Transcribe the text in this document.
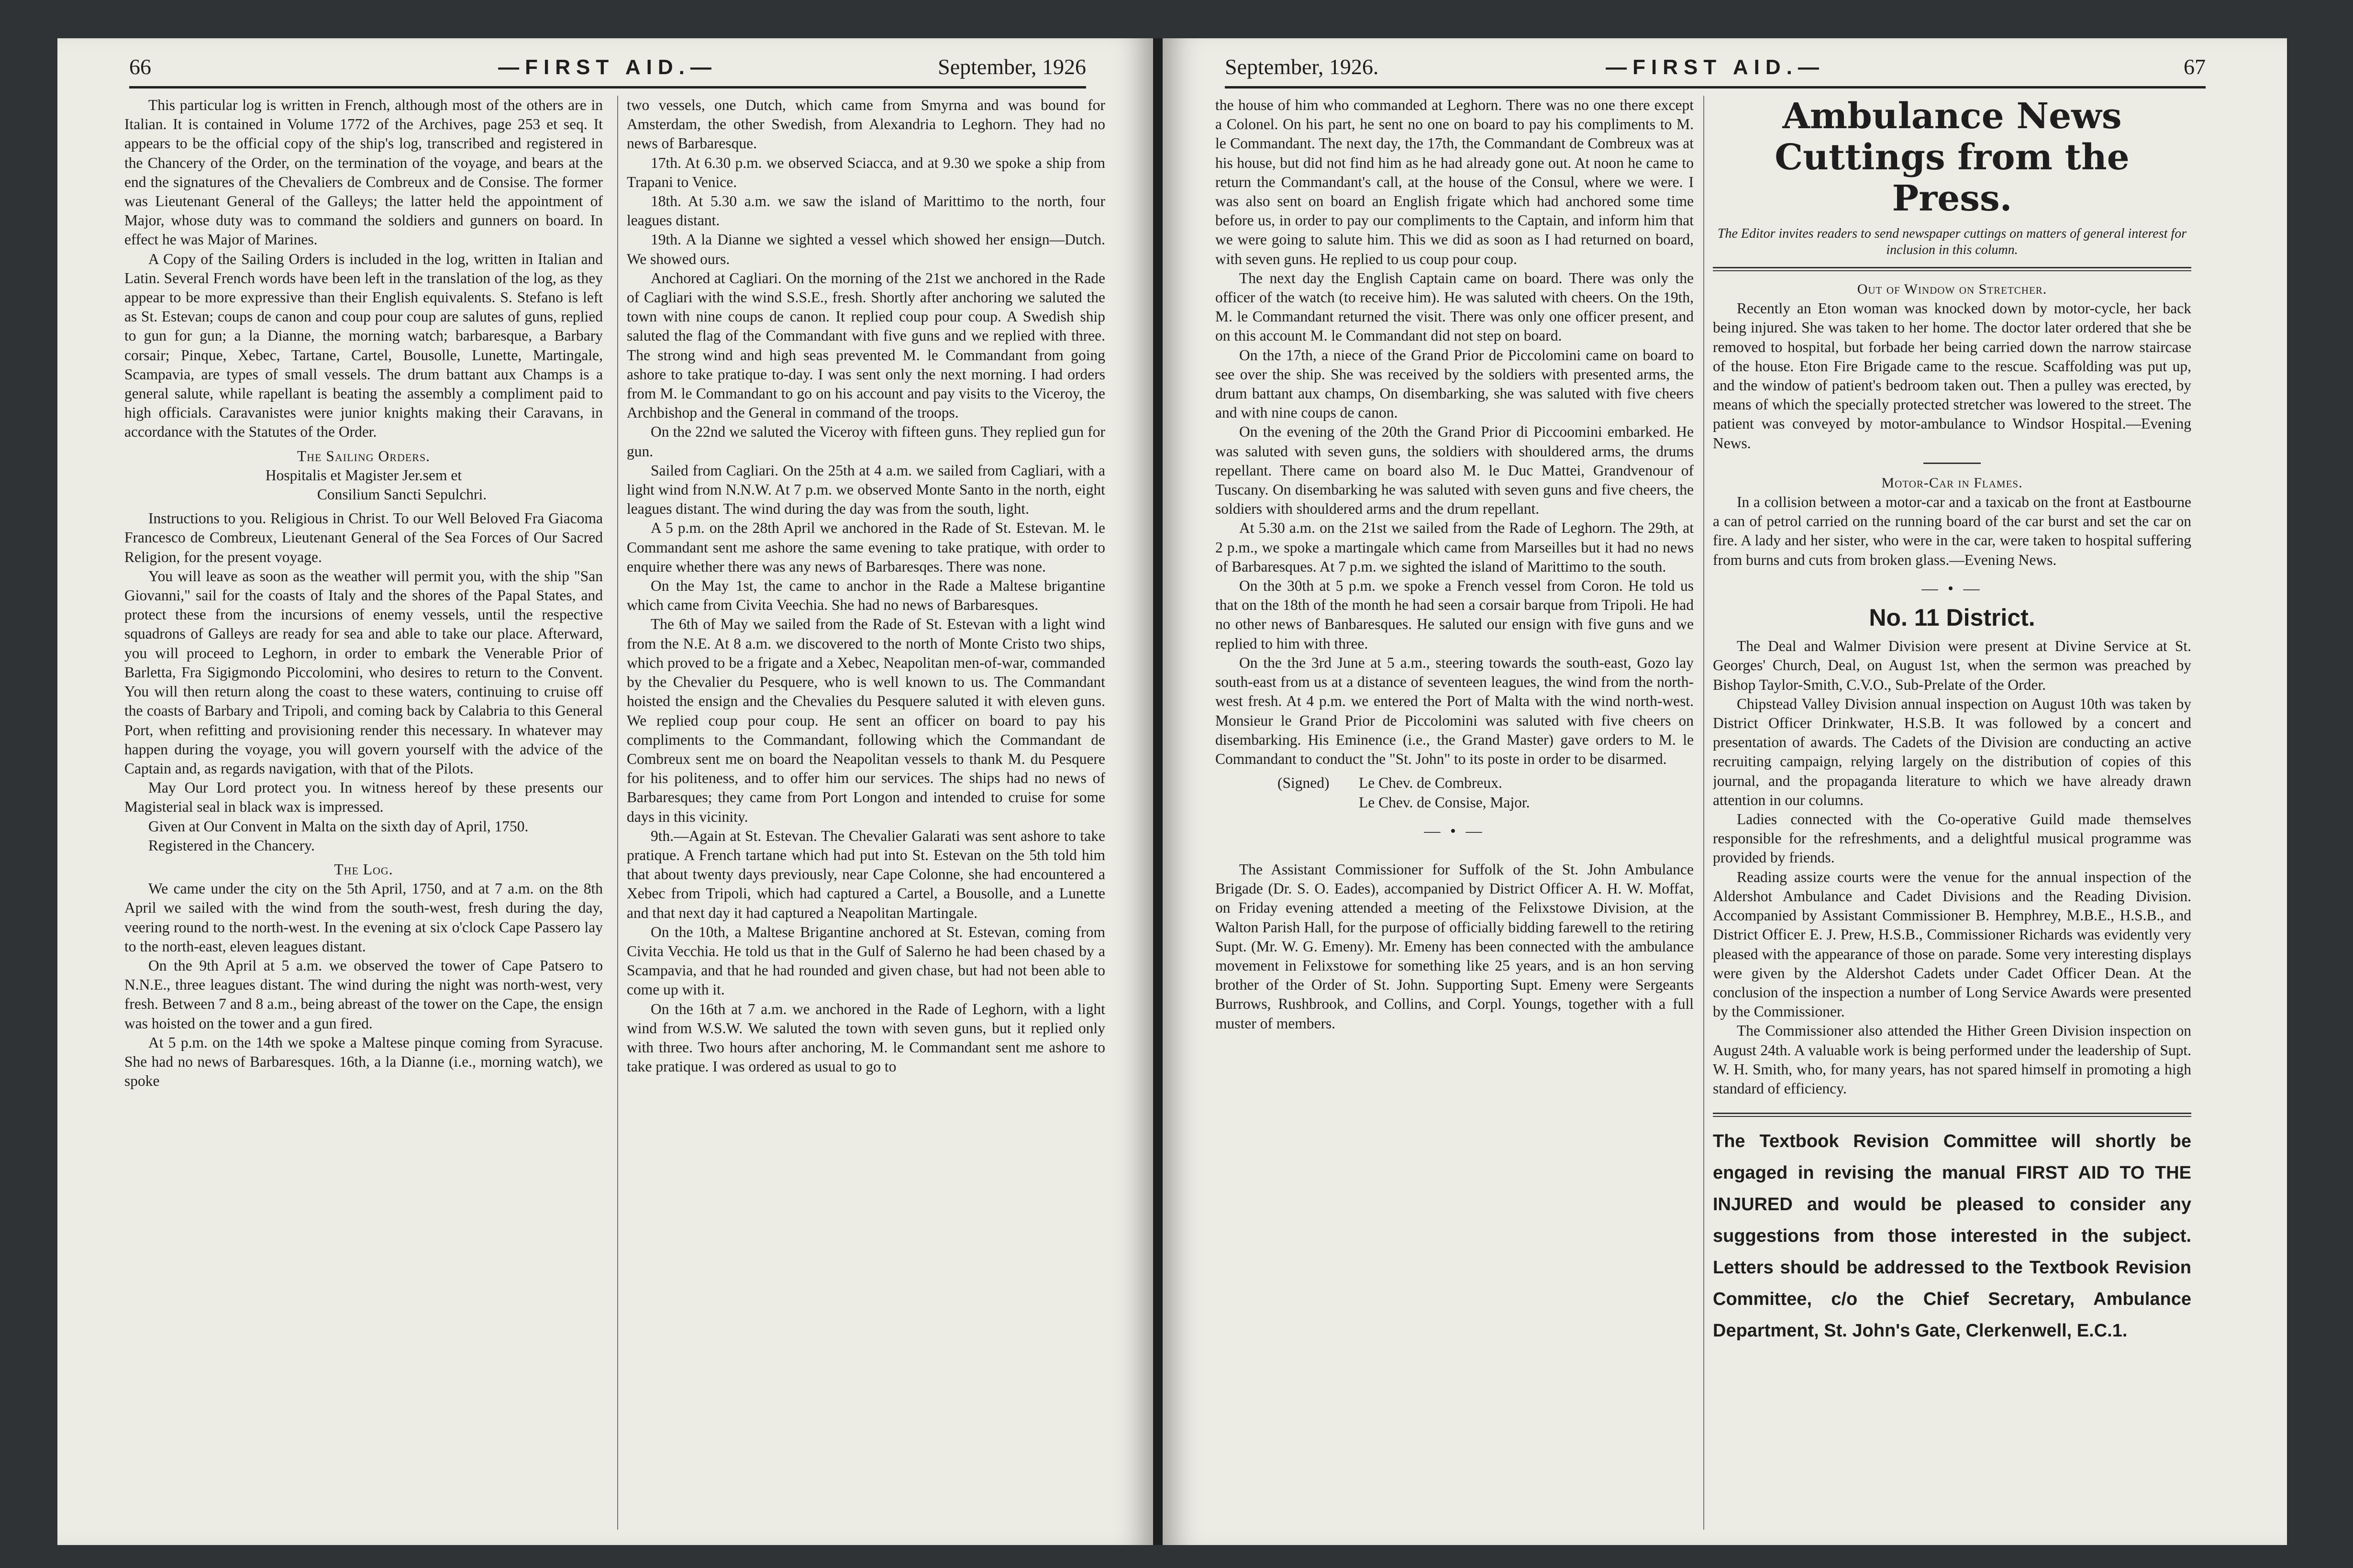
66	—FIRST AID.—	September, 1926

This particular log is written in French, although most of the others are in Italian. It is contained in Volume 1772 of the Archives, page 253 et seq. It appears to be the official copy of the ship's log, transcribed and registered in the Chancery of the Order, on the termination of the voyage, and bears at the end the signatures of the Chevaliers de Combreux and de Consise. The former was Lieutenant General of the Galleys; the latter held the appointment of Major, whose duty was to command the soldiers and gunners on board. In effect he was Major of Marines.

A Copy of the Sailing Orders is included in the log, written in Italian and Latin. Several French words have been left in the translation of the log, as they appear to be more expressive than their English equivalents. S. Stefano is left as St. Estevan; coups de canon and coup pour coup are salutes of guns, replied to gun for gun; a la Dianne, the morning watch; barbaresque, a Barbary corsair; Pinque, Xebec, Tartane, Cartel, Bousolle, Lunette, Martingale, Scampavia, are types of small vessels. The drum battant aux Champs is a general salute, while rapellant is beating the assembly a compliment paid to high officials. Caravanistes were junior knights making their Caravans, in accordance with the Statutes of the Order.

The Sailing Orders.

Hospitalis et Magister Jer.sem et

Consilium Sancti Sepulchri.

Instructions to you. Religious in Christ. To our Well Beloved Fra Giacoma Francesco de Combreux, Lieutenant General of the Sea Forces of Our Sacred Religion, for the present voyage.

You will leave as soon as the weather will permit you, with the ship "San Giovanni," sail for the coasts of Italy and the shores of the Papal States, and protect these from the incursions of enemy vessels, until the respective squadrons of Galleys are ready for sea and able to take our place. Afterward, you will proceed to Leghorn, in order to embark the Venerable Prior of Barletta, Fra Sigigmondo Piccolomini, who desires to return to the Convent. You will then return along the coast to these waters, continuing to cruise off the coasts of Barbary and Tripoli, and coming back by Calabria to this General Port, when refitting and provisioning render this necessary. In whatever may happen during the voyage, you will govern yourself with the advice of the Captain and, as regards navigation, with that of the Pilots.

May Our Lord protect you. In witness hereof by these presents our Magisterial seal in black wax is impressed.

Given at Our Convent in Malta on the sixth day of April, 1750.

Registered in the Chancery.

The Log.

We came under the city on the 5th April, 1750, and at 7 a.m. on the 8th April we sailed with the wind from the south-west, fresh during the day, veering round to the north-west. In the evening at six o'clock Cape Passero lay to the north-east, eleven leagues distant.

On the 9th April at 5 a.m. we observed the tower of Cape Patsero to N.N.E., three leagues distant. The wind during the night was north-west, very fresh. Between 7 and 8 a.m., being abreast of the tower on the Cape, the ensign was hoisted on the tower and a gun fired.

At 5 p.m. on the 14th we spoke a Maltese pinque coming from Syracuse. She had no news of Barbaresques. 16th, a la Dianne (i.e., morning watch), we spoke

two vessels, one Dutch, which came from Smyrna and was bound for Amsterdam, the other Swedish, from Alexandria to Leghorn. They had no news of Barbaresque.

17th. At 6.30 p.m. we observed Sciacca, and at 9.30 we spoke a ship from Trapani to Venice.

18th. At 5.30 a.m. we saw the island of Marittimo to the north, four leagues distant.

19th. A la Dianne we sighted a vessel which showed her ensign—Dutch. We showed ours.

Anchored at Cagliari. On the morning of the 21st we anchored in the Rade of Cagliari with the wind S.S.E., fresh. Shortly after anchoring we saluted the town with nine coups de canon. It replied coup pour coup. A Swedish ship saluted the flag of the Commandant with five guns and we replied with three. The strong wind and high seas prevented M. le Commandant from going ashore to take pratique to-day. I was sent only the next morning. I had orders from M. le Commandant to go on his account and pay visits to the Viceroy, the Archbishop and the General in command of the troops.

On the 22nd we saluted the Viceroy with fifteen guns. They replied gun for gun.

Sailed from Cagliari. On the 25th at 4 a.m. we sailed from Cagliari, with a light wind from N.N.W. At 7 p.m. we observed Monte Santo in the north, eight leagues distant. The wind during the day was from the south, light.

A 5 p.m. on the 28th April we anchored in the Rade of St. Estevan. M. le Commandant sent me ashore the same evening to take pratique, with order to enquire whether there was any news of Barbaresqes. There was none.

On the May 1st, the came to anchor in the Rade a Maltese brigantine which came from Civita Veechia. She had no news of Barbaresques.

The 6th of May we sailed from the Rade of St. Estevan with a light wind from the N.E. At 8 a.m. we discovered to the north of Monte Cristo two ships, which proved to be a frigate and a Xebec, Neapolitan men-of-war, commanded by the Chevalier du Pesquere, who is well known to us. The Commandant hoisted the ensign and the Chevalies du Pesquere saluted it with eleven guns. We replied coup pour coup. He sent an officer on board to pay his compliments to the Commandant, following which the Commandant de Combreux sent me on board the Neapolitan vessels to thank M. du Pesquere for his politeness, and to offer him our services. The ships had no news of Barbaresques; they came from Port Longon and intended to cruise for some days in this vicinity.

9th.—Again at St. Estevan. The Chevalier Galarati was sent ashore to take pratique. A French tartane which had put into St. Estevan on the 5th told him that about twenty days previously, near Cape Colonne, she had encountered a Xebec from Tripoli, which had captured a Cartel, a Bousolle, and a Lunette and that next day it had captured a Neapolitan Martingale.

On the 10th, a Maltese Brigantine anchored at St. Estevan, coming from Civita Vecchia. He told us that in the Gulf of Salerno he had been chased by a Scampavia, and that he had rounded and given chase, but had not been able to come up with it.

On the 16th at 7 a.m. we anchored in the Rade of Leghorn, with a light wind from W.S.W. We saluted the town with seven guns, but it replied only with three. Two hours after anchoring, M. le Commandant sent me ashore to take pratique. I was ordered as usual to go to

September, 1926.	—FIRST AID.—	67

the house of him who commanded at Leghorn. There was no one there except a Colonel. On his part, he sent no one on board to pay his compliments to M. le Commandant. The next day, the 17th, the Commandant de Combreux was at his house, but did not find him as he had already gone out. At noon he came to return the Commandant's call, at the house of the Consul, where we were. I was also sent on board an English frigate which had anchored some time before us, in order to pay our compliments to the Captain, and inform him that we were going to salute him. This we did as soon as I had returned on board, with seven guns. He replied to us coup pour coup.

The next day the English Captain came on board. There was only the officer of the watch (to receive him). He was saluted with cheers. On the 19th, M. le Commandant returned the visit. There was only one officer present, and on this account M. le Commandant did not step on board.

On the 17th, a niece of the Grand Prior de Piccolomini came on board to see over the ship. She was received by the soldiers with presented arms, the drum battant aux champs, On disembarking, she was saluted with five cheers and with nine coups de canon.

On the evening of the 20th the Grand Prior di Piccoomini embarked. He was saluted with seven guns, the soldiers with shouldered arms, the drums repellant. There came on board also M. le Duc Mattei, Grandvenour of Tuscany. On disembarking he was saluted with seven guns and five cheers, the soldiers with shouldered arms and the drum repellant.

At 5.30 a.m. on the 21st we sailed from the Rade of Leghorn. The 29th, at 2 p.m., we spoke a martingale which came from Marseilles but it had no news of Barbaresques. At 7 p.m. we sighted the island of Marittimo to the south.

On the 30th at 5 p.m. we spoke a French vessel from Coron. He told us that on the 18th of the month he had seen a corsair barque from Tripoli. He had no other news of Banbaresques. He saluted our ensign with five guns and we replied to him with three.

On the the 3rd June at 5 a.m., steering towards the south-east, Gozo lay south-east from us at a distance of seventeen leagues, the wind from the north-west fresh. At 4 p.m. we entered the Port of Malta with the wind north-west. Monsieur le Grand Prior de Piccolomini was saluted with five cheers on disembarking. His Eminence (i.e., the Grand Master) gave orders to M. le Commandant to conduct the "St. John" to its poste in order to be disarmed.

(Signed)	Le Chev. de Combreux.

Le Chev. de Consise, Major.

— • —

The Assistant Commissioner for Suffolk of the St. John Ambulance Brigade (Dr. S. O. Eades), accompanied by District Officer A. H. W. Moffat, on Friday evening attended a meeting of the Felixstowe Division, at the Walton Parish Hall, for the purpose of officially bidding farewell to the retiring Supt. (Mr. W. G. Emeny). Mr. Emeny has been connected with the ambulance movement in Felixstowe for something like 25 years, and is an hon serving brother of the Order of St. John. Supporting Supt. Emeny were Sergeants Burrows, Rushbrook, and Collins, and Corpl. Youngs, together with a full muster of members.

Ambulance News Cuttings from the Press.

The Editor invites readers to send newspaper cuttings on matters of general interest for inclusion in this column.

Out of Window on Stretcher.

Recently an Eton woman was knocked down by motor-cycle, her back being injured. She was taken to her home. The doctor later ordered that she be removed to hospital, but forbade her being carried down the narrow staircase of the house. Eton Fire Brigade came to the rescue. Scaffolding was put up, and the window of patient's bedroom taken out. Then a pulley was erected, by means of which the specially protected stretcher was lowered to the street. The patient was conveyed by motor-ambulance to Windsor Hospital.—Evening News.

Motor-Car in Flames.

In a collision between a motor-car and a taxicab on the front at Eastbourne a can of petrol carried on the running board of the car burst and set the car on fire. A lady and her sister, who were in the car, were taken to hospital suffering from burns and cuts from broken glass.—Evening News.

— • —
No. 11 District.

The Deal and Walmer Division were present at Divine Service at St. Georges' Church, Deal, on August 1st, when the sermon was preached by Bishop Taylor-Smith, C.V.O., Sub-Prelate of the Order.

Chipstead Valley Division annual inspection on August 10th was taken by District Officer Drinkwater, H.S.B. It was followed by a concert and presentation of awards. The Cadets of the Division are conducting an active recruiting campaign, relying largely on the distribution of copies of this journal, and the propaganda literature to which we have already drawn attention in our columns.

Ladies connected with the Co-operative Guild made themselves responsible for the refreshments, and a delightful musical programme was provided by friends.

Reading assize courts were the venue for the annual inspection of the Aldershot Ambulance and Cadet Divisions and the Reading Division. Accompanied by Assistant Commissioner B. Hemphrey, M.B.E., H.S.B., and District Officer E. J. Prew, H.S.B., Commissioner Richards was evidently very pleased with the appearance of those on parade. Some very interesting displays were given by the Aldershot Cadets under Cadet Officer Dean. At the conclusion of the inspection a number of Long Service Awards were presented by the Commissioner.

The Commissioner also attended the Hither Green Division inspection on August 24th. A valuable work is being performed under the leadership of Supt. W. H. Smith, who, for many years, has not spared himself in promoting a high standard of efficiency.

The Textbook Revision Committee will shortly be engaged in revising the manual FIRST AID TO THE INJURED and would be pleased to consider any suggestions from those interested in the subject. Letters should be addressed to the Textbook Revision Committee, c/o the Chief Secretary, Ambulance Department, St. John's Gate, Clerkenwell, E.C.1.
